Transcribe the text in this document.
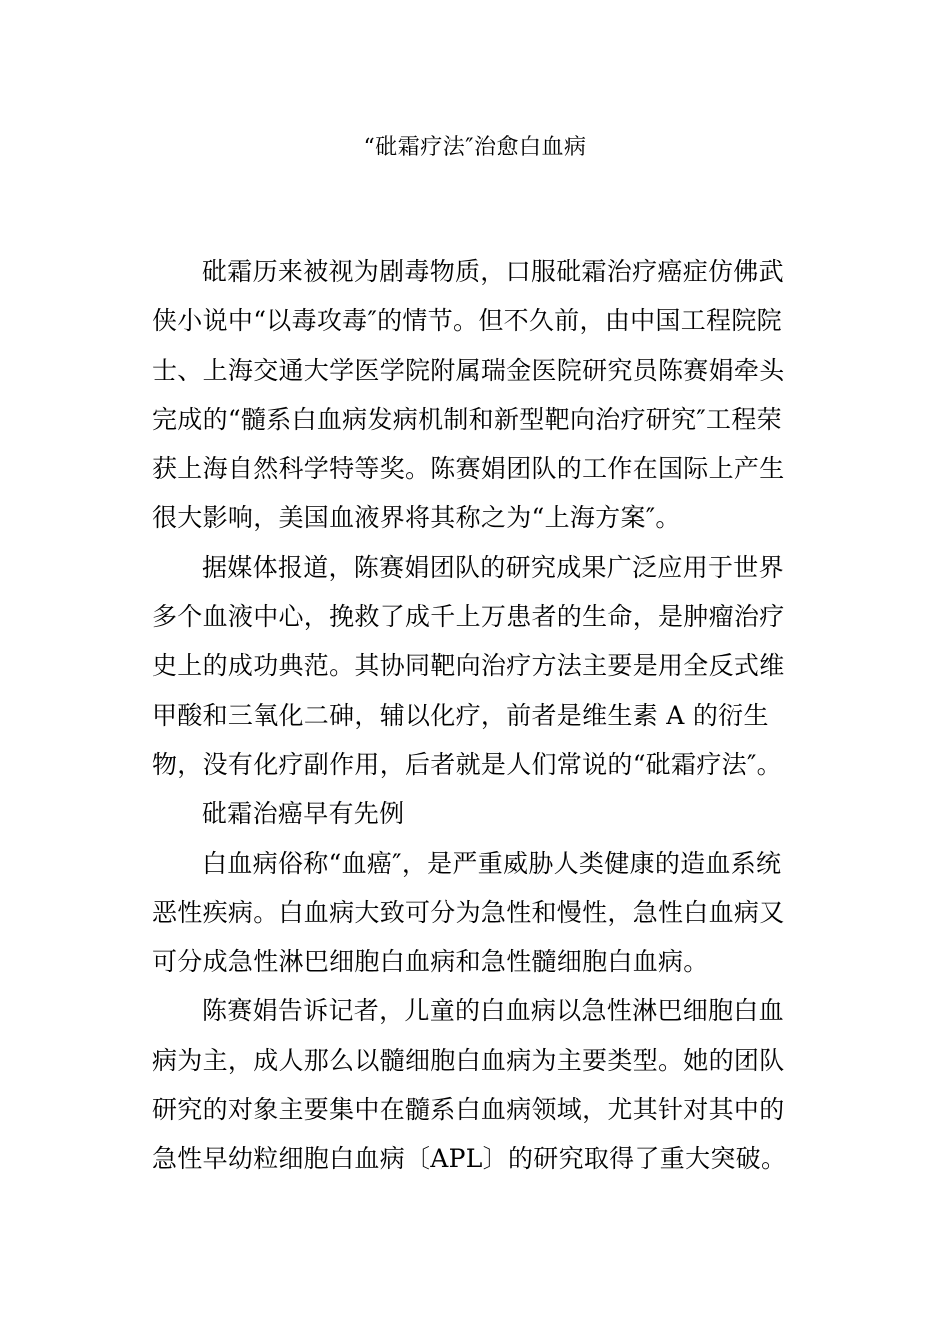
“砒霜疗法″治愈白血病
砒霜历来被视为剧毒物质，口服砒霜治疗癌症仿佛武
侠小说中“以毒攻毒″的情节。但不久前，由中国工程院院
士、上海交通大学医学院附属瑞金医院研究员陈赛娟牵头
完成的“髓系白血病发病机制和新型靶向治疗研究″工程荣
获上海自然科学特等奖。陈赛娟团队的工作在国际上产生
很大影响，美国血液界将其称之为“上海方案″。
据媒体报道，陈赛娟团队的研究成果广泛应用于世界
多个血液中心，挽救了成千上万患者的生命，是肿瘤治疗
史上的成功典范。其协同靶向治疗方法主要是用全反式维
甲酸和三氧化二砷，辅以化疗，前者是维生素 A 的衍生
物，没有化疗副作用，后者就是人们常说的“砒霜疗法″。
砒霜治癌早有先例
白血病俗称“血癌″，是严重威胁人类健康的造血系统
恶性疾病。白血病大致可分为急性和慢性，急性白血病又
可分成急性淋巴细胞白血病和急性髓细胞白血病。
陈赛娟告诉记者，儿童的白血病以急性淋巴细胞白血
病为主，成人那么以髓细胞白血病为主要类型。她的团队
研究的对象主要集中在髓系白血病领域，尤其针对其中的
急性早幼粒细胞白血病〔APL〕的研究取得了重大突破。
